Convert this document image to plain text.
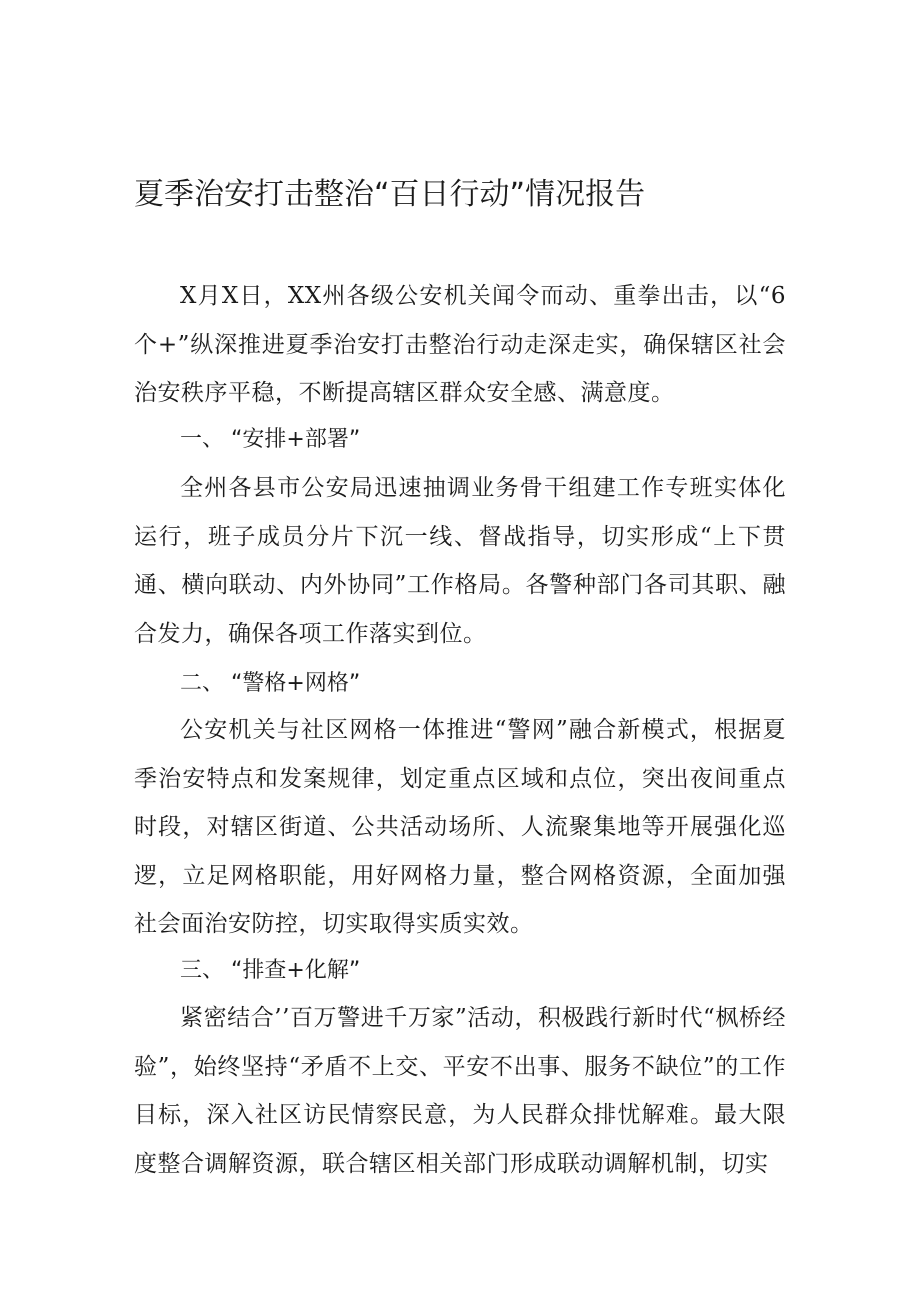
夏季治安打击整治“百日行动”情况报告

X月X日，XX州各级公安机关闻令而动、重拳出击，以“6个+”纵深推进夏季治安打击整治行动走深走实，确保辖区社会治安秩序平稳，不断提高辖区群众安全感、满意度。

一、 “安排+部署”

全州各县市公安局迅速抽调业务骨干组建工作专班实体化运行，班子成员分片下沉一线、督战指导，切实形成“上下贯通、横向联动、内外协同”工作格局。各警种部门各司其职、融合发力，确保各项工作落实到位。

二、 “警格+网格”

公安机关与社区网格一体推进“警网”融合新模式，根据夏季治安特点和发案规律，划定重点区域和点位，突出夜间重点时段，对辖区街道、公共活动场所、人流聚集地等开展强化巡逻，立足网格职能，用好网格力量，整合网格资源，全面加强社会面治安防控，切实取得实质实效。

三、 “排查+化解”

紧密结合’’百万警进千万家”活动，积极践行新时代“枫桥经验”，始终坚持“矛盾不上交、平安不出事、服务不缺位”的工作目标，深入社区访民情察民意，为人民群众排忧解难。最大限度整合调解资源，联合辖区相关部门形成联动调解机制，切实
